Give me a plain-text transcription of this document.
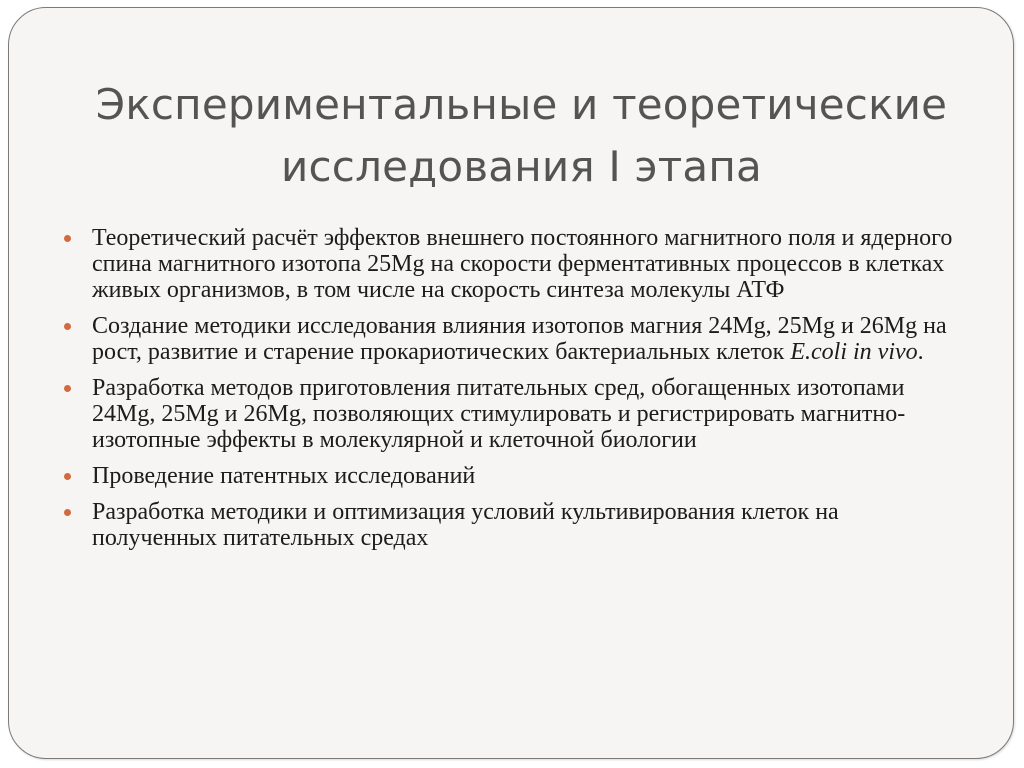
Экспериментальные и теоретические
исследования I этапа
Теоретический расчёт эффектов внешнего постоянного магнитного поля и ядерного спина магнитного изотопа 25Mg на скорости ферментативных процессов в клетках живых организмов, в том числе на скорость синтеза молекулы АТФ
Создание методики исследования влияния изотопов магния 24Mg, 25Mg и 26Mg на рост, развитие и старение прокариотических бактериальных клеток E.coli in vivo.
Разработка методов приготовления питательных сред, обогащенных изотопами 24Mg, 25Mg и 26Mg, позволяющих стимулировать и регистрировать магнитно-изотопные эффекты в молекулярной и клеточной биологии
Проведение патентных исследований
Разработка методики и оптимизация условий культивирования клеток на полученных питательных средах
